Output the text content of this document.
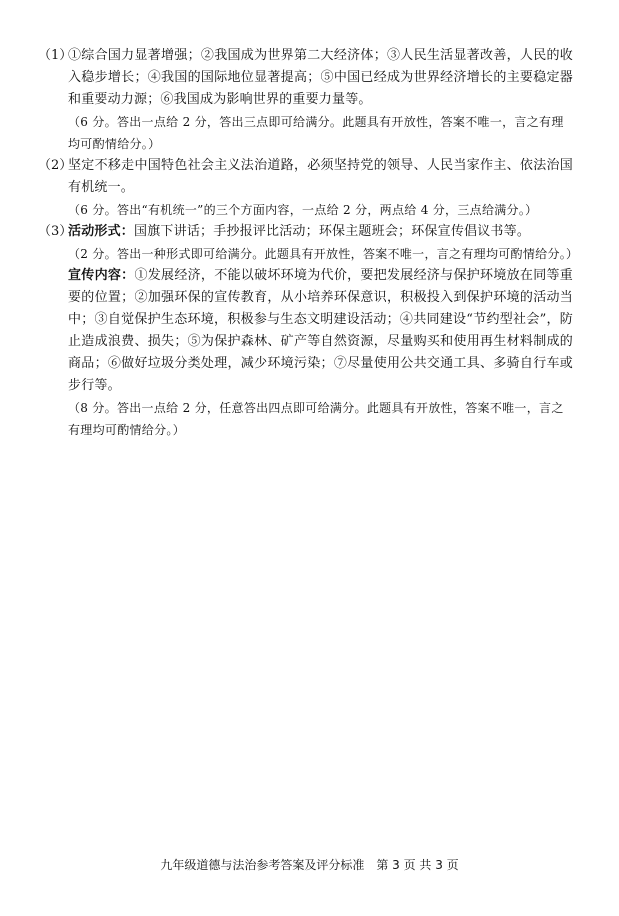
（1）
①综合国力显著增强；②我国成为世界第二大经济体；③人民生活显著改善，人民的收入稳步增长；④我国的国际地位显著提高；⑤中国已经成为世界经济增长的主要稳定器和重要动力源；⑥我国成为影响世界的重要力量等。
（6 分。答出一点给 2 分，答出三点即可给满分。此题具有开放性，答案不唯一，言之有理均可酌情给分。）
（2）
坚定不移走中国特色社会主义法治道路，必须坚持党的领导、人民当家作主、依法治国有机统一。
（6 分。答出“有机统一”的三个方面内容，一点给 2 分，两点给 4 分，三点给满分。）
（3）
活动形式：国旗下讲话；手抄报评比活动；环保主题班会；环保宣传倡议书等。
（2 分。答出一种形式即可给满分。此题具有开放性，答案不唯一，言之有理均可酌情给分。）
宣传内容：①发展经济，不能以破坏环境为代价，要把发展经济与保护环境放在同等重要的位置；②加强环保的宣传教育，从小培养环保意识，积极投入到保护环境的活动当中；③自觉保护生态环境，积极参与生态文明建设活动；④共同建设“节约型社会”，防止造成浪费、损失；⑤为保护森林、矿产等自然资源，尽量购买和使用再生材料制成的商品；⑥做好垃圾分类处理，减少环境污染；⑦尽量使用公共交通工具、多骑自行车或步行等。
（8 分。答出一点给 2 分，任意答出四点即可给满分。此题具有开放性，答案不唯一，言之有理均可酌情给分。）
九年级道德与法治参考答案及评分标准　第 3 页 共 3 页
